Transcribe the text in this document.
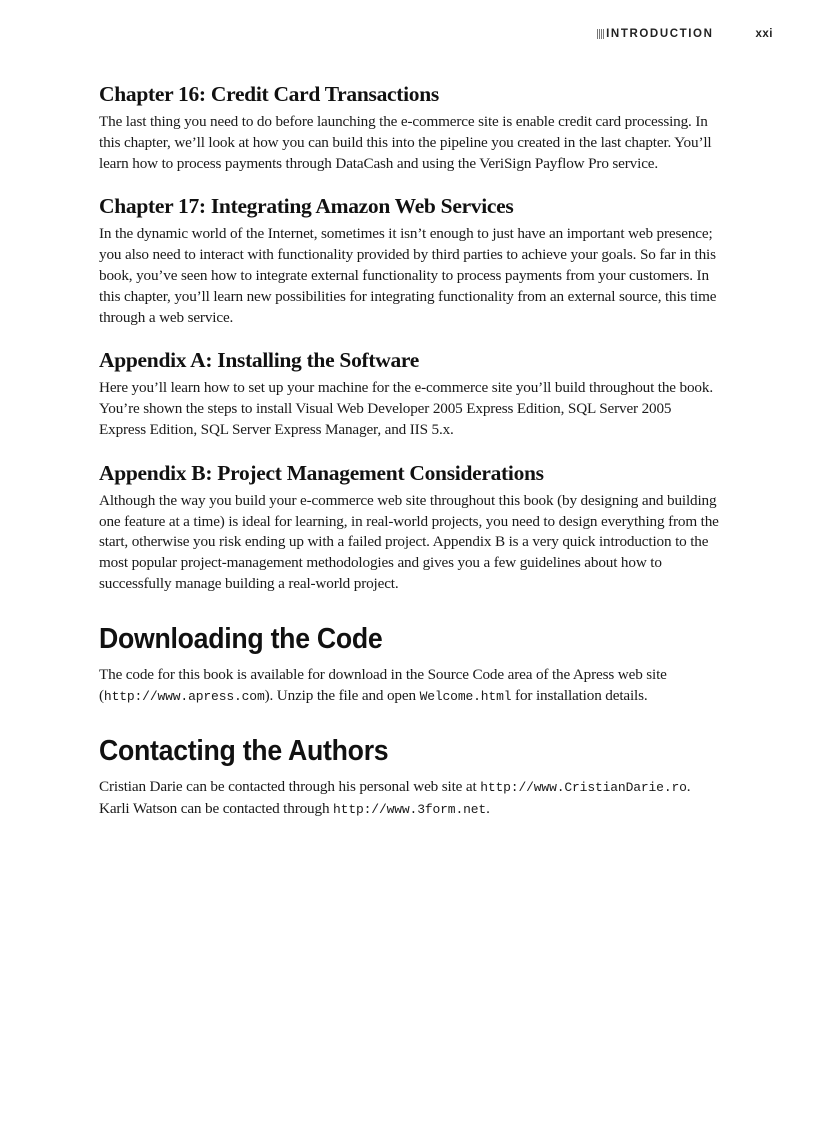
INTRODUCTION	xxi
Chapter 16: Credit Card Transactions

The last thing you need to do before launching the e-commerce site is enable credit card processing. In this chapter, we’ll look at how you can build this into the pipeline you created in the last chapter. You’ll learn how to process payments through DataCash and using the VeriSign Payflow Pro service.

Chapter 17: Integrating Amazon Web Services

In the dynamic world of the Internet, sometimes it isn’t enough to just have an important web presence; you also need to interact with functionality provided by third parties to achieve your goals. So far in this book, you’ve seen how to integrate external functionality to process payments from your customers. In this chapter, you’ll learn new possibilities for integrating functionality from an external source, this time through a web service.

Appendix A: Installing the Software

Here you’ll learn how to set up your machine for the e-commerce site you’ll build throughout the book. You’re shown the steps to install Visual Web Developer 2005 Express Edition, SQL Server 2005 Express Edition, SQL Server Express Manager, and IIS 5.x.

Appendix B: Project Management Considerations

Although the way you build your e-commerce web site throughout this book (by designing and building one feature at a time) is ideal for learning, in real-world projects, you need to design everything from the start, otherwise you risk ending up with a failed project. Appendix B is a very quick introduction to the most popular project-management methodologies and gives you a few guidelines about how to successfully manage building a real-world project.

Downloading the Code

The code for this book is available for download in the Source Code area of the Apress web site (http://www.apress.com). Unzip the file and open Welcome.html for installation details.

Contacting the Authors

Cristian Darie can be contacted through his personal web site at http://www.CristianDarie.ro. Karli Watson can be contacted through http://www.3form.net.
